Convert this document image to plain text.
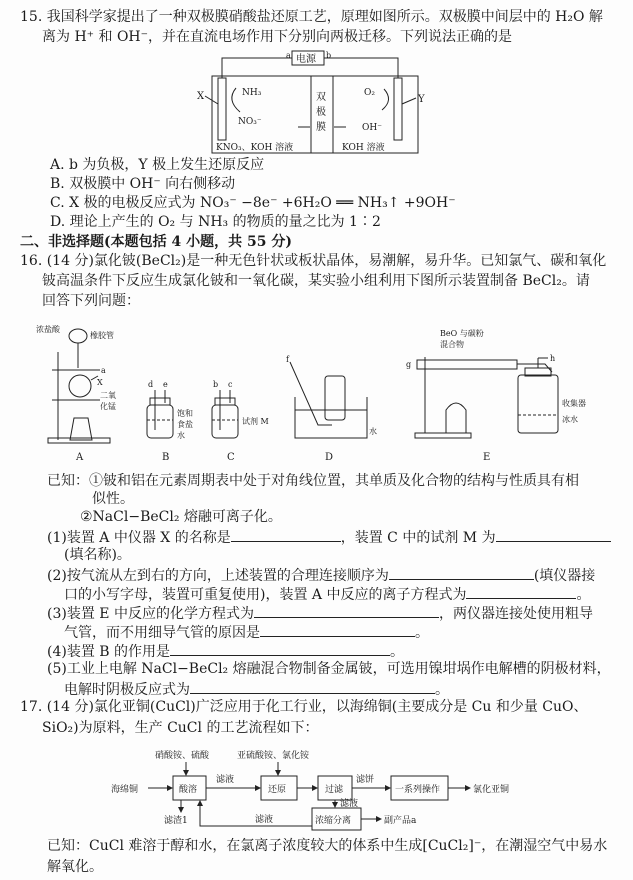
15. 我国科学家提出了一种双极膜硝酸盐还原工艺，原理如图所示。双极膜中间层中的 H₂O 解
离为 H⁺ 和 OH⁻，并在直流电场作用下分别向两极迁移。下列说法正确的是
电源
a	b
X	Y
NH₃
NO₃⁻
O₂
OH⁻
双
极
膜
KNO₃、KOH 溶液	KOH 溶液
A. b 为负极，Y 极上发生还原反应
B. 双极膜中 OH⁻ 向右侧移动
C. X 极的电极反应式为 NO₃⁻ −8e⁻ +6H₂O ══ NH₃↑ +9OH⁻
D. 理论上产生的 O₂ 与 NH₃ 的物质的量之比为 1∶2
二、非选择题(本题包括 4 小题，共 55 分)
16. (14 分)氯化铍(BeCl₂)是一种无色针状或板状晶体，易潮解，易升华。已知氯气、碳和氧化
铍高温条件下反应生成氯化铍和一氧化碳，某实验小组利用下图所示装置制备 BeCl₂。请
回答下列问题：
浓盐酸
橡胶管
a
X
二氧
化锰
d e
饱和
食盐
水
b c
试剂 M
f
水
BeO 与碳粉
混合物
g
h
收集器
冰水
A	B	C	D	E
已知：①铍和铝在元素周期表中处于对角线位置，其单质及化合物的结构与性质具有相
似性。
②NaCl−BeCl₂ 熔融可离子化。
(1)装置 A 中仪器 X 的名称是	，装置 C 中的试剂 M 为
(填名称)。
(2)按气流从左到右的方向，上述装置的合理连接顺序为	(填仪器接
口的小写字母，装置可重复使用)，装置 A 中反应的离子方程式为	。
(3)装置 E 中反应的化学方程式为	，两仪器连接处使用粗导
气管，而不用细导气管的原因是	。
(4)装置 B 的作用是	。
(5)工业上电解 NaCl−BeCl₂ 熔融混合物制备金属铍，可选用镍坩埚作电解槽的阴极材料，
电解时阴极反应式为	。
17. (14 分)氯化亚铜(CuCl)广泛应用于化工行业，以海绵铜(主要成分是 Cu 和少量 CuO、
SiO₂)为原料，生产 CuCl 的工艺流程如下：
硝酸铵、硫酸	亚硫酸铵、氯化铵
海绵铜	酸溶
滤液
还原	过滤
滤饼
一系列操作	氯化亚铜
滤渣1	滤液
滤液
浓缩分离	副产品a
已知：CuCl 难溶于醇和水，在氯离子浓度较大的体系中生成[CuCl₂]⁻，在潮湿空气中易水
解氧化。
